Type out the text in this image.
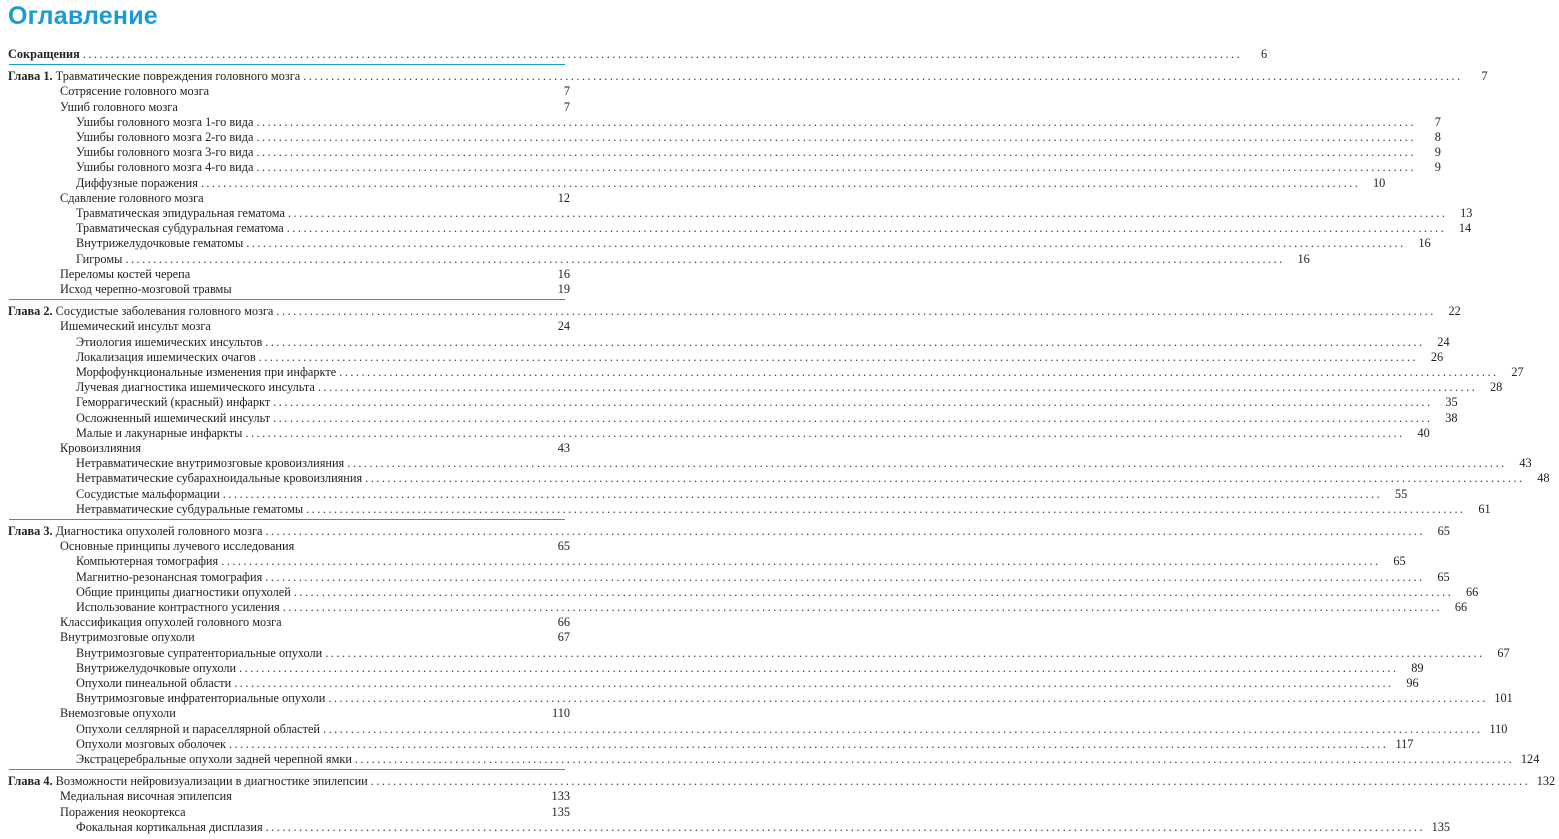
Оглавление
Сокращения .....	6
Глава 1. Травматические повреждения головного мозга .....	7
Сотрясение головного мозга	7
Ушиб головного мозга	7
Ушибы головного мозга 1-го вида .....	7
Ушибы головного мозга 2-го вида .....	8
Ушибы головного мозга 3-го вида .....	9
Ушибы головного мозга 4-го вида .....	9
Диффузные поражения .....	10
Сдавление головного мозга	12
Травматическая эпидуральная гематома .....	13
Травматическая субдуральная гематома .....	14
Внутрижелудочковые гематомы .....	16
Гигромы .....	16
Переломы костей черепа	16
Исход черепно-мозговой травмы	19
Глава 2. Сосудистые заболевания головного мозга .....	22
Ишемический инсульт мозга	24
Этиология ишемических инсультов .....	24
Локализация ишемических очагов .....	26
Морфофункциональные изменения при инфаркте .....	27
Лучевая диагностика ишемического инсульта .....	28
Геморрагический (красный) инфаркт .....	35
Осложненный ишемический инсульт .....	38
Малые и лакунарные инфаркты .....	40
Кровоизлияния	43
Нетравматические внутримозговые кровоизлияния .....	43
Нетравматические субарахноидальные кровоизлияния .....	48
Сосудистые мальформации .....	55
Нетравматические субдуральные гематомы .....	61
Глава 3. Диагностика опухолей головного мозга .....	65
Основные принципы лучевого исследования	65
Компьютерная томография .....	65
Магнитно-резонансная томография .....	65
Общие принципы диагностики опухолей .....	66
Использование контрастного усиления .....	66
Классификация опухолей головного мозга	66
Внутримозговые опухоли	67
Внутримозговые супратенториальные опухоли .....	67
Внутрижелудочковые опухоли .....	89
Опухоли пинеальной области .....	96
Внутримозговые инфратенториальные опухоли .....	101
Внемозговые опухоли	110
Опухоли селлярной и параселлярной областей .....	110
Опухоли мозговых оболочек .....	117
Экстрацеребральные опухоли задней черепной ямки .....	124
Глава 4. Возможности нейровизуализации в диагностике эпилепсии .....	132
Медиальная височная эпилепсия	133
Поражения неокортекса	135
Фокальная кортикальная дисплазия .....	135
